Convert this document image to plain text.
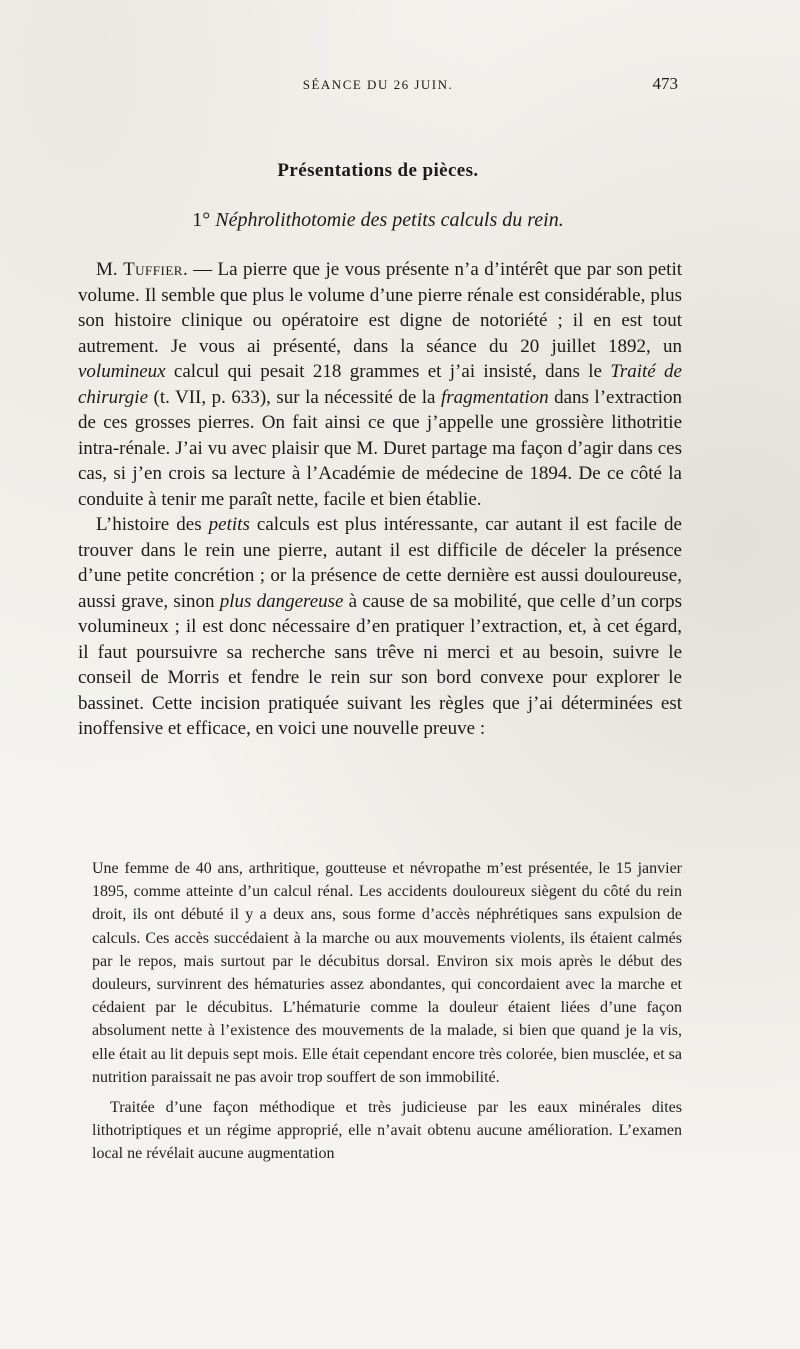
SÉANCE DU 26 JUIN.	473
Présentations de pièces.
1° Néphrolithotomie des petits calculs du rein.

M. Tuffier. — La pierre que je vous présente n’a d’intérêt que par son petit volume. Il semble que plus le volume d’une pierre rénale est considérable, plus son histoire clinique ou opératoire est digne de notoriété ; il en est tout autrement. Je vous ai présenté, dans la séance du 20 juillet 1892, un volumineux calcul qui pesait 218 grammes et j’ai insisté, dans le Traité de chirurgie (t. VII, p. 633), sur la nécessité de la fragmentation dans l’extraction de ces grosses pierres. On fait ainsi ce que j’appelle une grossière lithotritie intra-rénale. J’ai vu avec plaisir que M. Duret partage ma façon d’agir dans ces cas, si j’en crois sa lecture à l’Académie de médecine de 1894. De ce côté la conduite à tenir me paraît nette, facile et bien établie.

L’histoire des petits calculs est plus intéressante, car autant il est facile de trouver dans le rein une pierre, autant il est difficile de déceler la présence d’une petite concrétion ; or la présence de cette dernière est aussi douloureuse, aussi grave, sinon plus dangereuse à cause de sa mobilité, que celle d’un corps volumineux ; il est donc nécessaire d’en pratiquer l’extraction, et, à cet égard, il faut poursuivre sa recherche sans trêve ni merci et au besoin, suivre le conseil de Morris et fendre le rein sur son bord convexe pour explorer le bassinet. Cette incision pratiquée suivant les règles que j’ai déterminées est inoffensive et efficace, en voici une nouvelle preuve :

Une femme de 40 ans, arthritique, goutteuse et névropathe m’est présentée, le 15 janvier 1895, comme atteinte d’un calcul rénal. Les accidents douloureux siègent du côté du rein droit, ils ont débuté il y a deux ans, sous forme d’accès néphrétiques sans expulsion de calculs. Ces accès succédaient à la marche ou aux mouvements violents, ils étaient calmés par le repos, mais surtout par le décubitus dorsal. Environ six mois après le début des douleurs, survinrent des hématuries assez abondantes, qui concordaient avec la marche et cédaient par le décubitus. L’hématurie comme la douleur étaient liées d’une façon absolument nette à l’existence des mouvements de la malade, si bien que quand je la vis, elle était au lit depuis sept mois. Elle était cependant encore très colorée, bien musclée, et sa nutrition paraissait ne pas avoir trop souffert de son immobilité.

Traitée d’une façon méthodique et très judicieuse par les eaux minérales dites lithotriptiques et un régime approprié, elle n’avait obtenu aucune amélioration. L’examen local ne révélait aucune augmentation
